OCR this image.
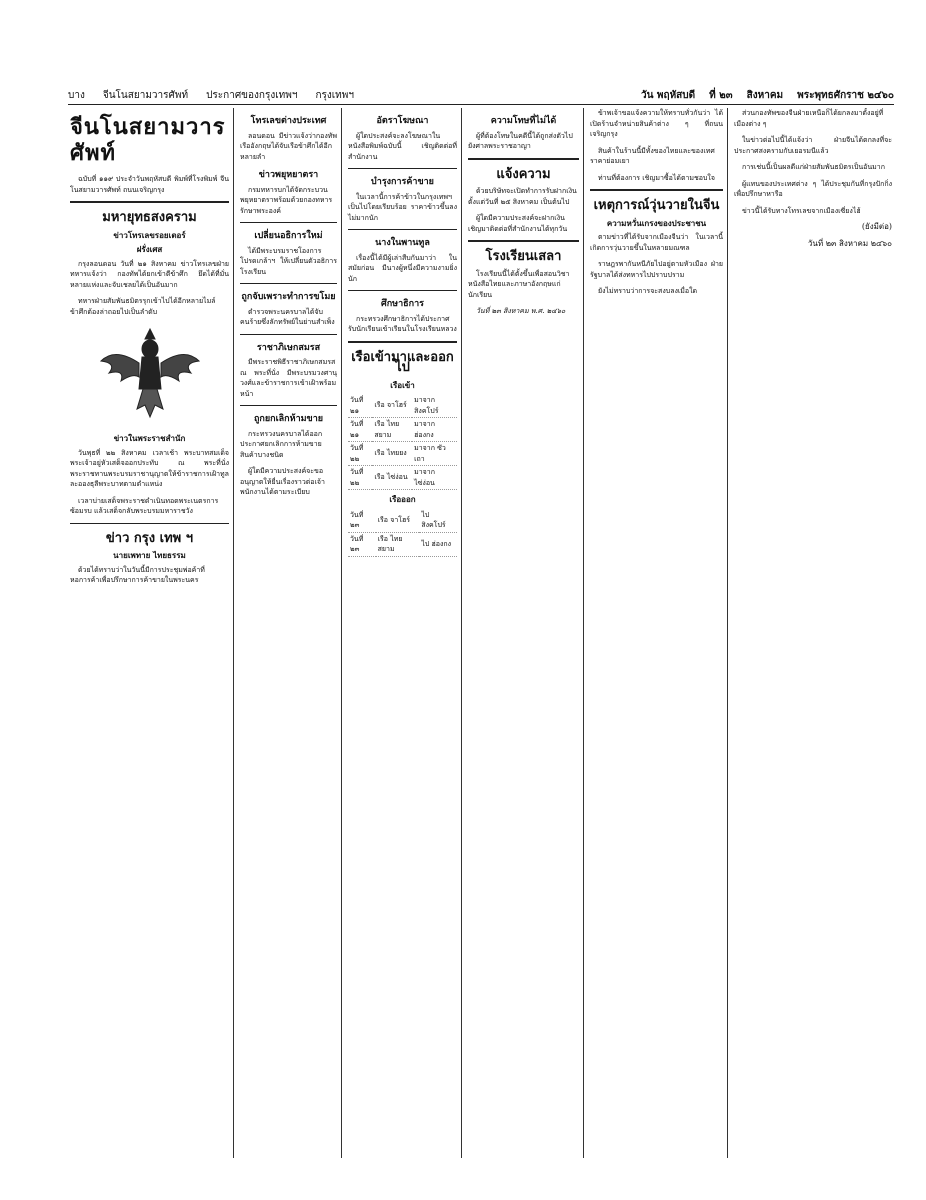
บาง จีนโนสยามวารศัพท์ ประกาศของกรุงเทพฯ กรุงเทพฯ	วัน พฤหัสบดี ที่ ๒๓ สิงหาคม พระพุทธศักราช ๒๔๖๐
จีนโนสยามวารศัพท์

ฉบับที่ ๑๑๙ ประจำวันพฤหัสบดี พิมพ์ที่โรงพิมพ์ จีนโนสยามวารศัพท์ ถนนเจริญกรุง

มหายุทธสงคราม
ข่าวโทรเลขรอยเตอร์
ฝรั่งเศส

กรุงลอนดอน วันที่ ๒๑ สิงหาคม ข่าวโทรเลขฝ่ายทหารแจ้งว่า กองทัพได้ยกเข้าตีข้าศึก ยึดได้ที่มั่นหลายแห่งและจับเชลยได้เป็นอันมาก

ทหารฝ่ายสัมพันธมิตรรุกเข้าไปได้อีกหลายไมล์ ข้าศึกต้องล่าถอยไปเป็นลำดับ

ข่าวในพระราชสำนัก

วันพุธที่ ๒๒ สิงหาคม เวลาเช้า พระบาทสมเด็จพระเจ้าอยู่หัวเสด็จออกประทับ ณ พระที่นั่ง พระราชทานพระบรมราชานุญาตให้ข้าราชการเฝ้าทูลละอองธุลีพระบาทตามตำแหน่ง

เวลาบ่ายเสด็จพระราชดำเนินทอดพระเนตรการซ้อมรบ แล้วเสด็จกลับพระบรมมหาราชวัง

ข่าว กรุง เทพ ฯ
นายเพทาย ไทยธรรม

ด้วยได้ทราบว่าในวันนี้มีการประชุมพ่อค้าที่หอการค้าเพื่อปรึกษาการค้าขายในพระนคร

โทรเลขต่างประเทศ

ลอนดอน มีข่าวแจ้งว่ากองทัพเรืออังกฤษได้จับเรือข้าศึกได้อีกหลายลำ

ข่าวพยุหยาตรา

กรมทหารบกได้จัดกระบวนพยุหยาตราพร้อมด้วยกองทหารรักษาพระองค์

เปลี่ยนอธิการใหม่

ได้มีพระบรมราชโองการโปรดเกล้าฯ ให้เปลี่ยนตัวอธิการโรงเรียน

ถูกจับเพราะทำการขโมย

ตำรวจพระนครบาลได้จับคนร้ายซึ่งลักทรัพย์ในย่านสำเพ็ง

ราชาภิเษกสมรส

มีพระราชพิธีราชาภิเษกสมรส ณ พระที่นั่ง มีพระบรมวงศานุวงศ์และข้าราชการเข้าเฝ้าพร้อมหน้า

ถูกยกเลิกห้ามขาย

กระทรวงนครบาลได้ออกประกาศยกเลิกการห้ามขายสินค้าบางชนิด

ผู้ใดมีความประสงค์จะขออนุญาตให้ยื่นเรื่องราวต่อเจ้าพนักงานได้ตามระเบียบ

อัตราโฆษณา

ผู้ใดประสงค์จะลงโฆษณาในหนังสือพิมพ์ฉบับนี้ เชิญติดต่อที่สำนักงาน

บำรุงการค้าขาย

ในเวลานี้การค้าข้าวในกรุงเทพฯ เป็นไปโดยเรียบร้อย ราคาข้าวขึ้นลงไม่มากนัก

นางในพานทูล

เรื่องนี้ได้มีผู้เล่าสืบกันมาว่า ในสมัยก่อน มีนางผู้หนึ่งมีความงามยิ่งนัก

ศึกษาธิการ

กระทรวงศึกษาธิการได้ประกาศรับนักเรียนเข้าเรียนในโรงเรียนหลวง

เรือเข้ามาและออกไป
เรือเข้า
วันที่ ๒๑	เรือ จาโฮร์	มาจาก สิงคโปร์
วันที่ ๒๑	เรือ ไทยสยาม	มาจาก ฮ่องกง
วันที่ ๒๒	เรือ ไทยยง	มาจาก ซัวเถา
วันที่ ๒๒	เรือ ไซ่ง่อน	มาจาก ไซ่ง่อน
เรือออก
วันที่ ๒๓	เรือ จาโฮร์	ไป สิงคโปร์
วันที่ ๒๓	เรือ ไทยสยาม	ไป ฮ่องกง
ความโทษที่ไม่ได้

ผู้ที่ต้องโทษในคดีนี้ได้ถูกส่งตัวไปยังศาลพระราชอาญา

แจ้งความ

ด้วยบริษัทจะเปิดทำการรับฝากเงินตั้งแต่วันที่ ๒๕ สิงหาคม เป็นต้นไป

ผู้ใดมีความประสงค์จะฝากเงิน เชิญมาติดต่อที่สำนักงานได้ทุกวัน

โรงเรียนเสลา

โรงเรียนนี้ได้ตั้งขึ้นเพื่อสอนวิชาหนังสือไทยและภาษาอังกฤษแก่นักเรียน

วันที่ ๒๓ สิงหาคม พ.ศ. ๒๔๖๐

ข้าพเจ้าขอแจ้งความให้ทราบทั่วกันว่า ได้เปิดร้านจำหน่ายสินค้าต่าง ๆ ที่ถนนเจริญกรุง

สินค้าในร้านนี้มีทั้งของไทยและของเทศ ราคาย่อมเยา

ท่านที่ต้องการ เชิญมาซื้อได้ตามชอบใจ

เหตุการณ์วุ่นวายในจีน
ความหวั่นเกรงของประชาชน

ตามข่าวที่ได้รับจากเมืองจีนว่า ในเวลานี้เกิดการวุ่นวายขึ้นในหลายมณฑล

ราษฎรพากันหนีภัยไปอยู่ตามหัวเมือง ฝ่ายรัฐบาลได้ส่งทหารไปปราบปราม

ยังไม่ทราบว่าการจะสงบลงเมื่อใด

ส่วนกองทัพของจีนฝ่ายเหนือก็ได้ยกลงมาตั้งอยู่ที่เมืองต่าง ๆ

ในข่าวต่อไปนี้ได้แจ้งว่า ฝ่ายจีนได้ตกลงที่จะประกาศสงครามกับเยอรมนีแล้ว

การเช่นนี้เป็นผลดีแก่ฝ่ายสัมพันธมิตรเป็นอันมาก

ผู้แทนของประเทศต่าง ๆ ได้ประชุมกันที่กรุงปักกิ่งเพื่อปรึกษาหารือ

ข่าวนี้ได้รับทางโทรเลขจากเมืองเซี่ยงไฮ้

(ยังมีต่อ)
วันที่ ๒๓ สิงหาคม ๒๔๖๐
